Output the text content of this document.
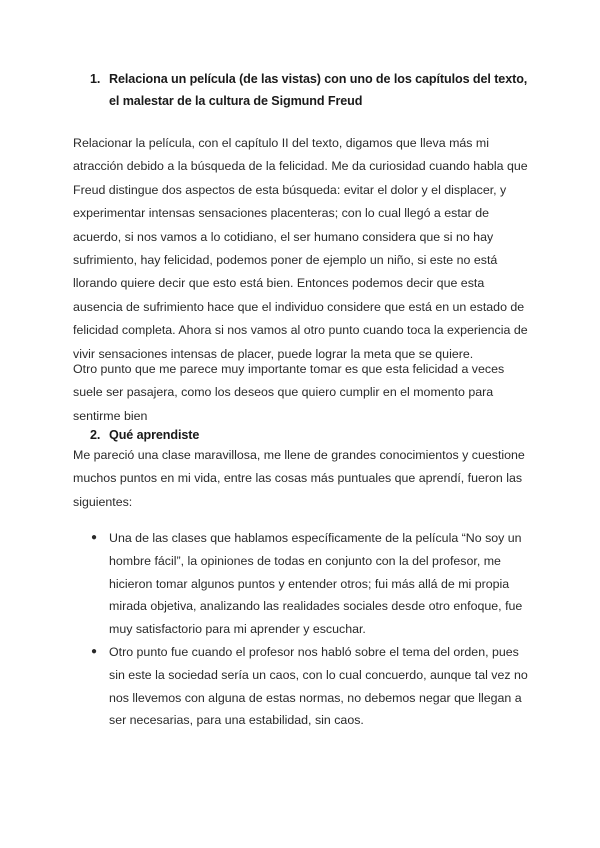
1. Relaciona un película (de las vistas) con uno de los capítulos del texto,
el malestar de la cultura de Sigmund Freud

Relacionar la película, con el capítulo II del texto, digamos que lleva más mi atracción debido a la búsqueda de la felicidad. Me da curiosidad cuando habla que Freud distingue dos aspectos de esta búsqueda: evitar el dolor y el displacer, y experimentar intensas sensaciones placenteras; con lo cual llegó a estar de acuerdo, si nos vamos a lo cotidiano, el ser humano considera que si no hay sufrimiento, hay felicidad, podemos poner de ejemplo un niño, si este no está llorando quiere decir que esto está bien. Entonces podemos decir que esta ausencia de sufrimiento hace que el individuo considere que está en un estado de felicidad completa. Ahora si nos vamos al otro punto cuando toca la experiencia de vivir sensaciones intensas de placer, puede lograr la meta que se quiere.

Otro punto que me parece muy importante tomar es que esta felicidad a veces suele ser pasajera, como los deseos que quiero cumplir en el momento para sentirme bien

2. Qué aprendiste

Me pareció una clase maravillosa, me llene de grandes conocimientos y cuestione muchos puntos en mi vida, entre las cosas más puntuales que aprendí, fueron las siguientes:

● Una de las clases que hablamos específicamente de la película “No soy un hombre fácil”, la opiniones de todas en conjunto con la del profesor, me hicieron tomar algunos puntos y entender otros; fui más allá de mi propia mirada objetiva, analizando las realidades sociales desde otro enfoque, fue muy satisfactorio para mi aprender y escuchar.
● Otro punto fue cuando el profesor nos habló sobre el tema del orden, pues sin este la sociedad sería un caos, con lo cual concuerdo, aunque tal vez no nos llevemos con alguna de estas normas, no debemos negar que llegan a ser necesarias, para una estabilidad, sin caos.
